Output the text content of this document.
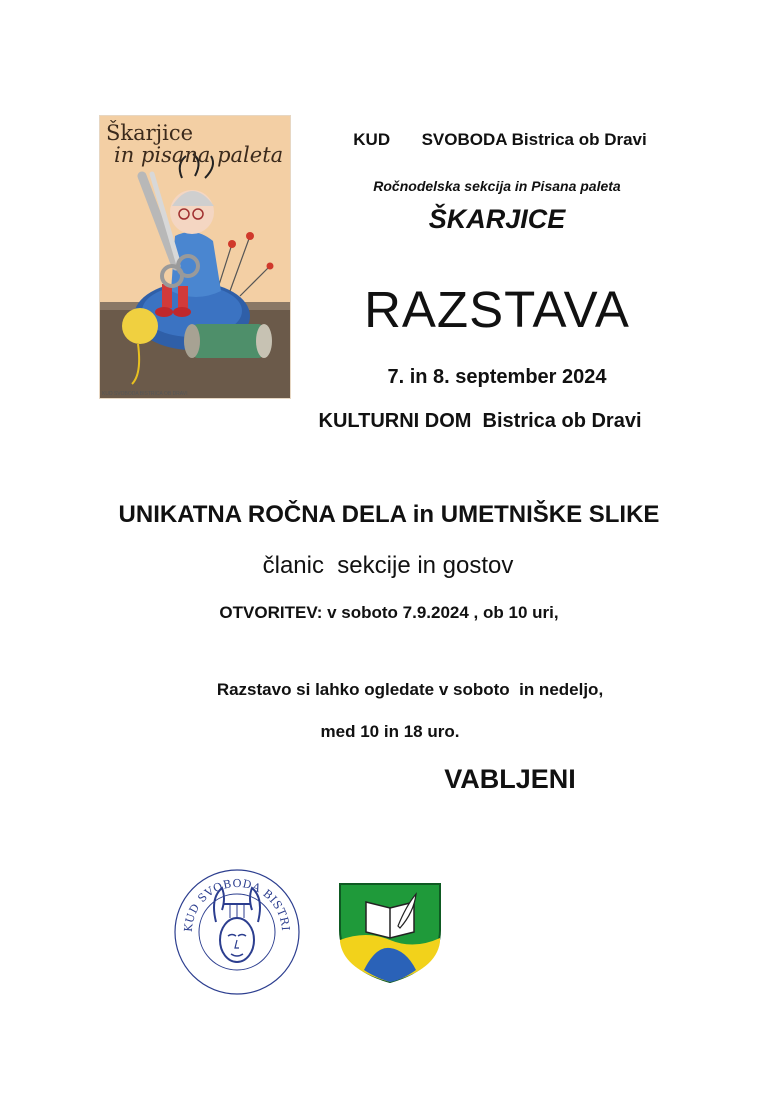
Škarjice
in pisana paleta
KUD SVOBODA BISTRICA OB DRAVI
KUD SVOBODA Bistrica ob Dravi
Ročnodelska sekcija in Pisana paleta
ŠKARJICE
RAZSTAVA
7. in 8. september 2024
KULTURNI DOM  Bistrica ob Dravi
UNIKATNA ROČNA DELA in UMETNIŠKE SLIKE
članic  sekcije in gostov
OTVORITEV: v soboto 7.9.2024 , ob 10 uri,
Razstavo si lahko ogledate v soboto  in nedeljo,
med 10 in 18 uro.
VABLJENI
KUD SVOBODA BISTRI
